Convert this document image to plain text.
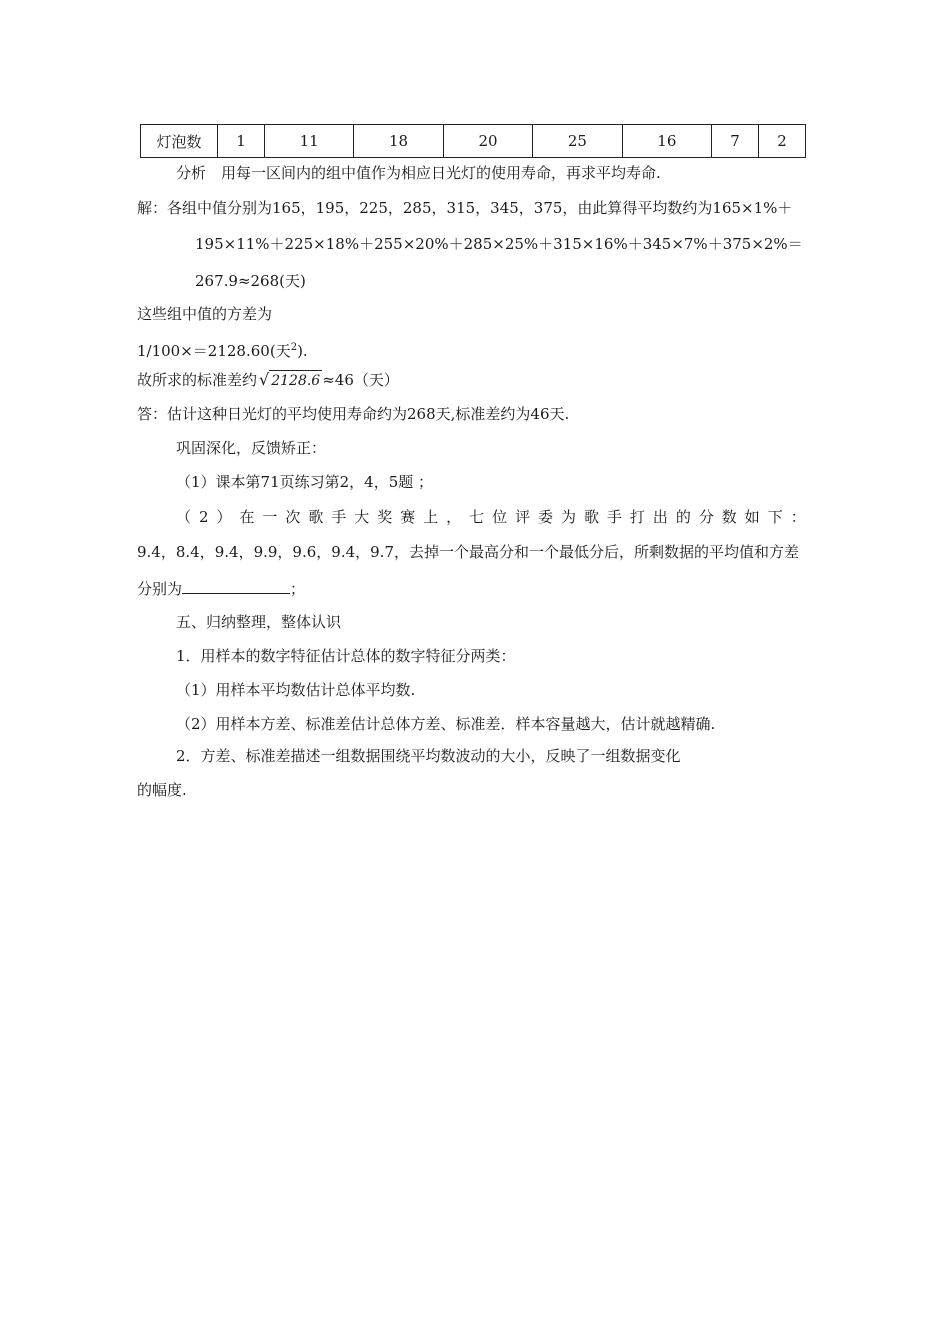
灯泡数	1	11	18	20	25	16	7	2
分析　用每一区间内的组中值作为相应日光灯的使用寿命，再求平均寿命.
解：各组中值分别为165，195，225，285，315，345，375，由此算得平均数约为165×1%＋
195×11%＋225×18%＋255×20%＋285×25%＋315×16%＋345×7%＋375×2%＝
267.9≈268(天)
这些组中值的方差为
1/100×＝2128.60(天$^2$).
故所求的标准差约 √ 2128.6 ≈46（天）
答：估计这种日光灯的平均使用寿命约为268天,标准差约为46天.
巩固深化，反馈矫正：
（1）课本第71页练习第2，4，5题 ；
（ 2 ） 在 一 次 歌 手 大 奖 赛 上 ， 七 位 评 委 为 歌 手 打 出 的 分 数 如 下 ：
9.4，8.4，9.4，9.9，9.6，9.4，9.7，去掉一个最高分和一个最低分后，所剩数据的平均值和方差
分别为	；
五、归纳整理，整体认识
1．用样本的数字特征估计总体的数字特征分两类：
（1）用样本平均数估计总体平均数.
（2）用样本方差、标准差估计总体方差、标准差．样本容量越大，估计就越精确.
2．方差、标准差描述一组数据围绕平均数波动的大小，反映了一组数据变化
的幅度.
